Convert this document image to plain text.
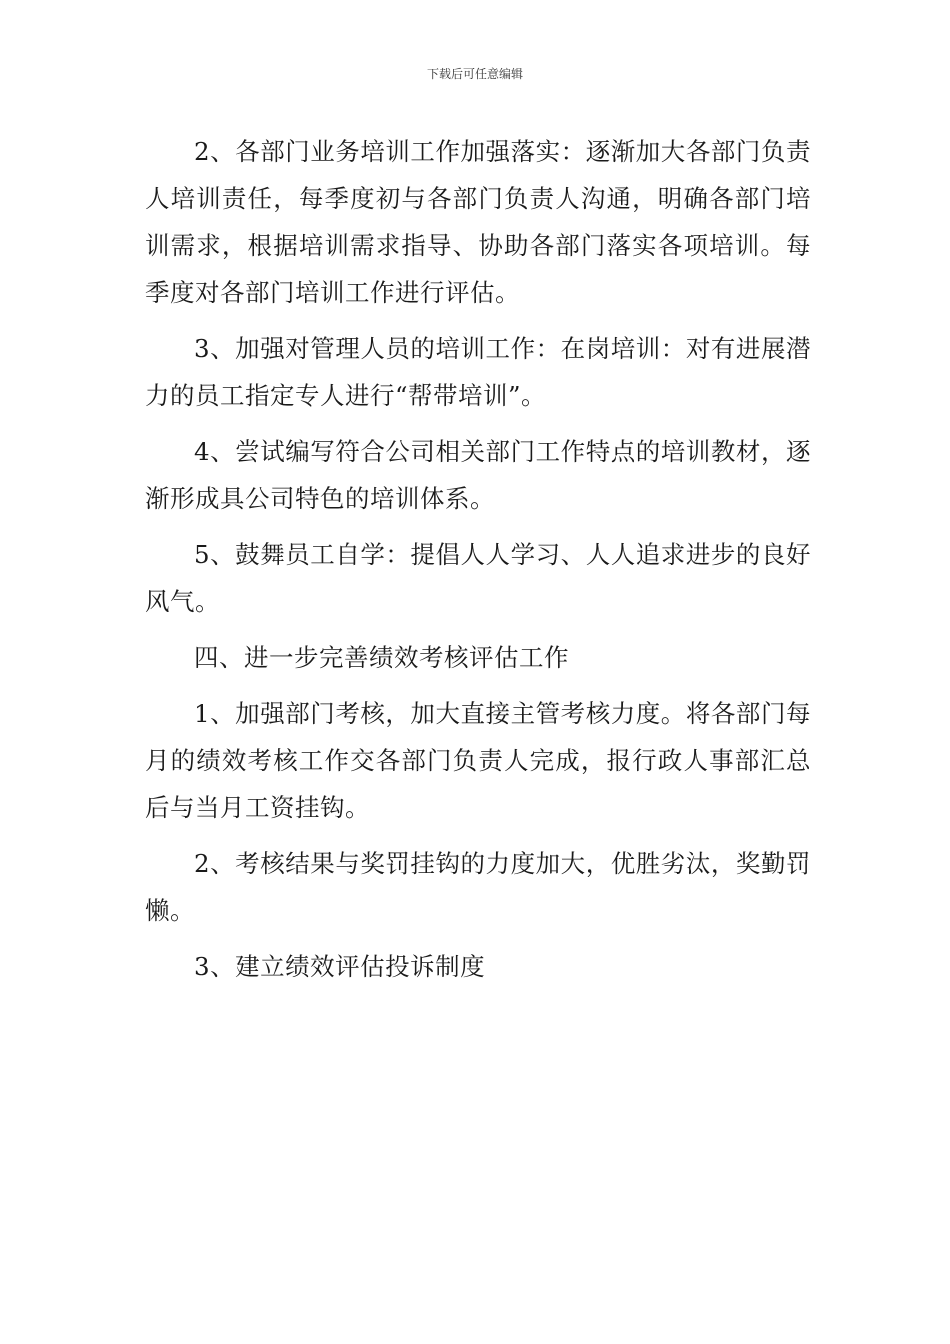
下载后可任意编辑

2、各部门业务培训工作加强落实：逐渐加大各部门负责人培训责任，每季度初与各部门负责人沟通，明确各部门培训需求，根据培训需求指导、协助各部门落实各项培训。每季度对各部门培训工作进行评估。

3、加强对管理人员的培训工作：在岗培训：对有进展潜力的员工指定专人进行“帮带培训”。

4、尝试编写符合公司相关部门工作特点的培训教材，逐渐形成具公司特色的培训体系。

5、鼓舞员工自学：提倡人人学习、人人追求进步的良好风气。

四、进一步完善绩效考核评估工作

1、加强部门考核，加大直接主管考核力度。将各部门每月的绩效考核工作交各部门负责人完成，报行政人事部汇总后与当月工资挂钩。

2、考核结果与奖罚挂钩的力度加大，优胜劣汰，奖勤罚懒。

3、建立绩效评估投诉制度
